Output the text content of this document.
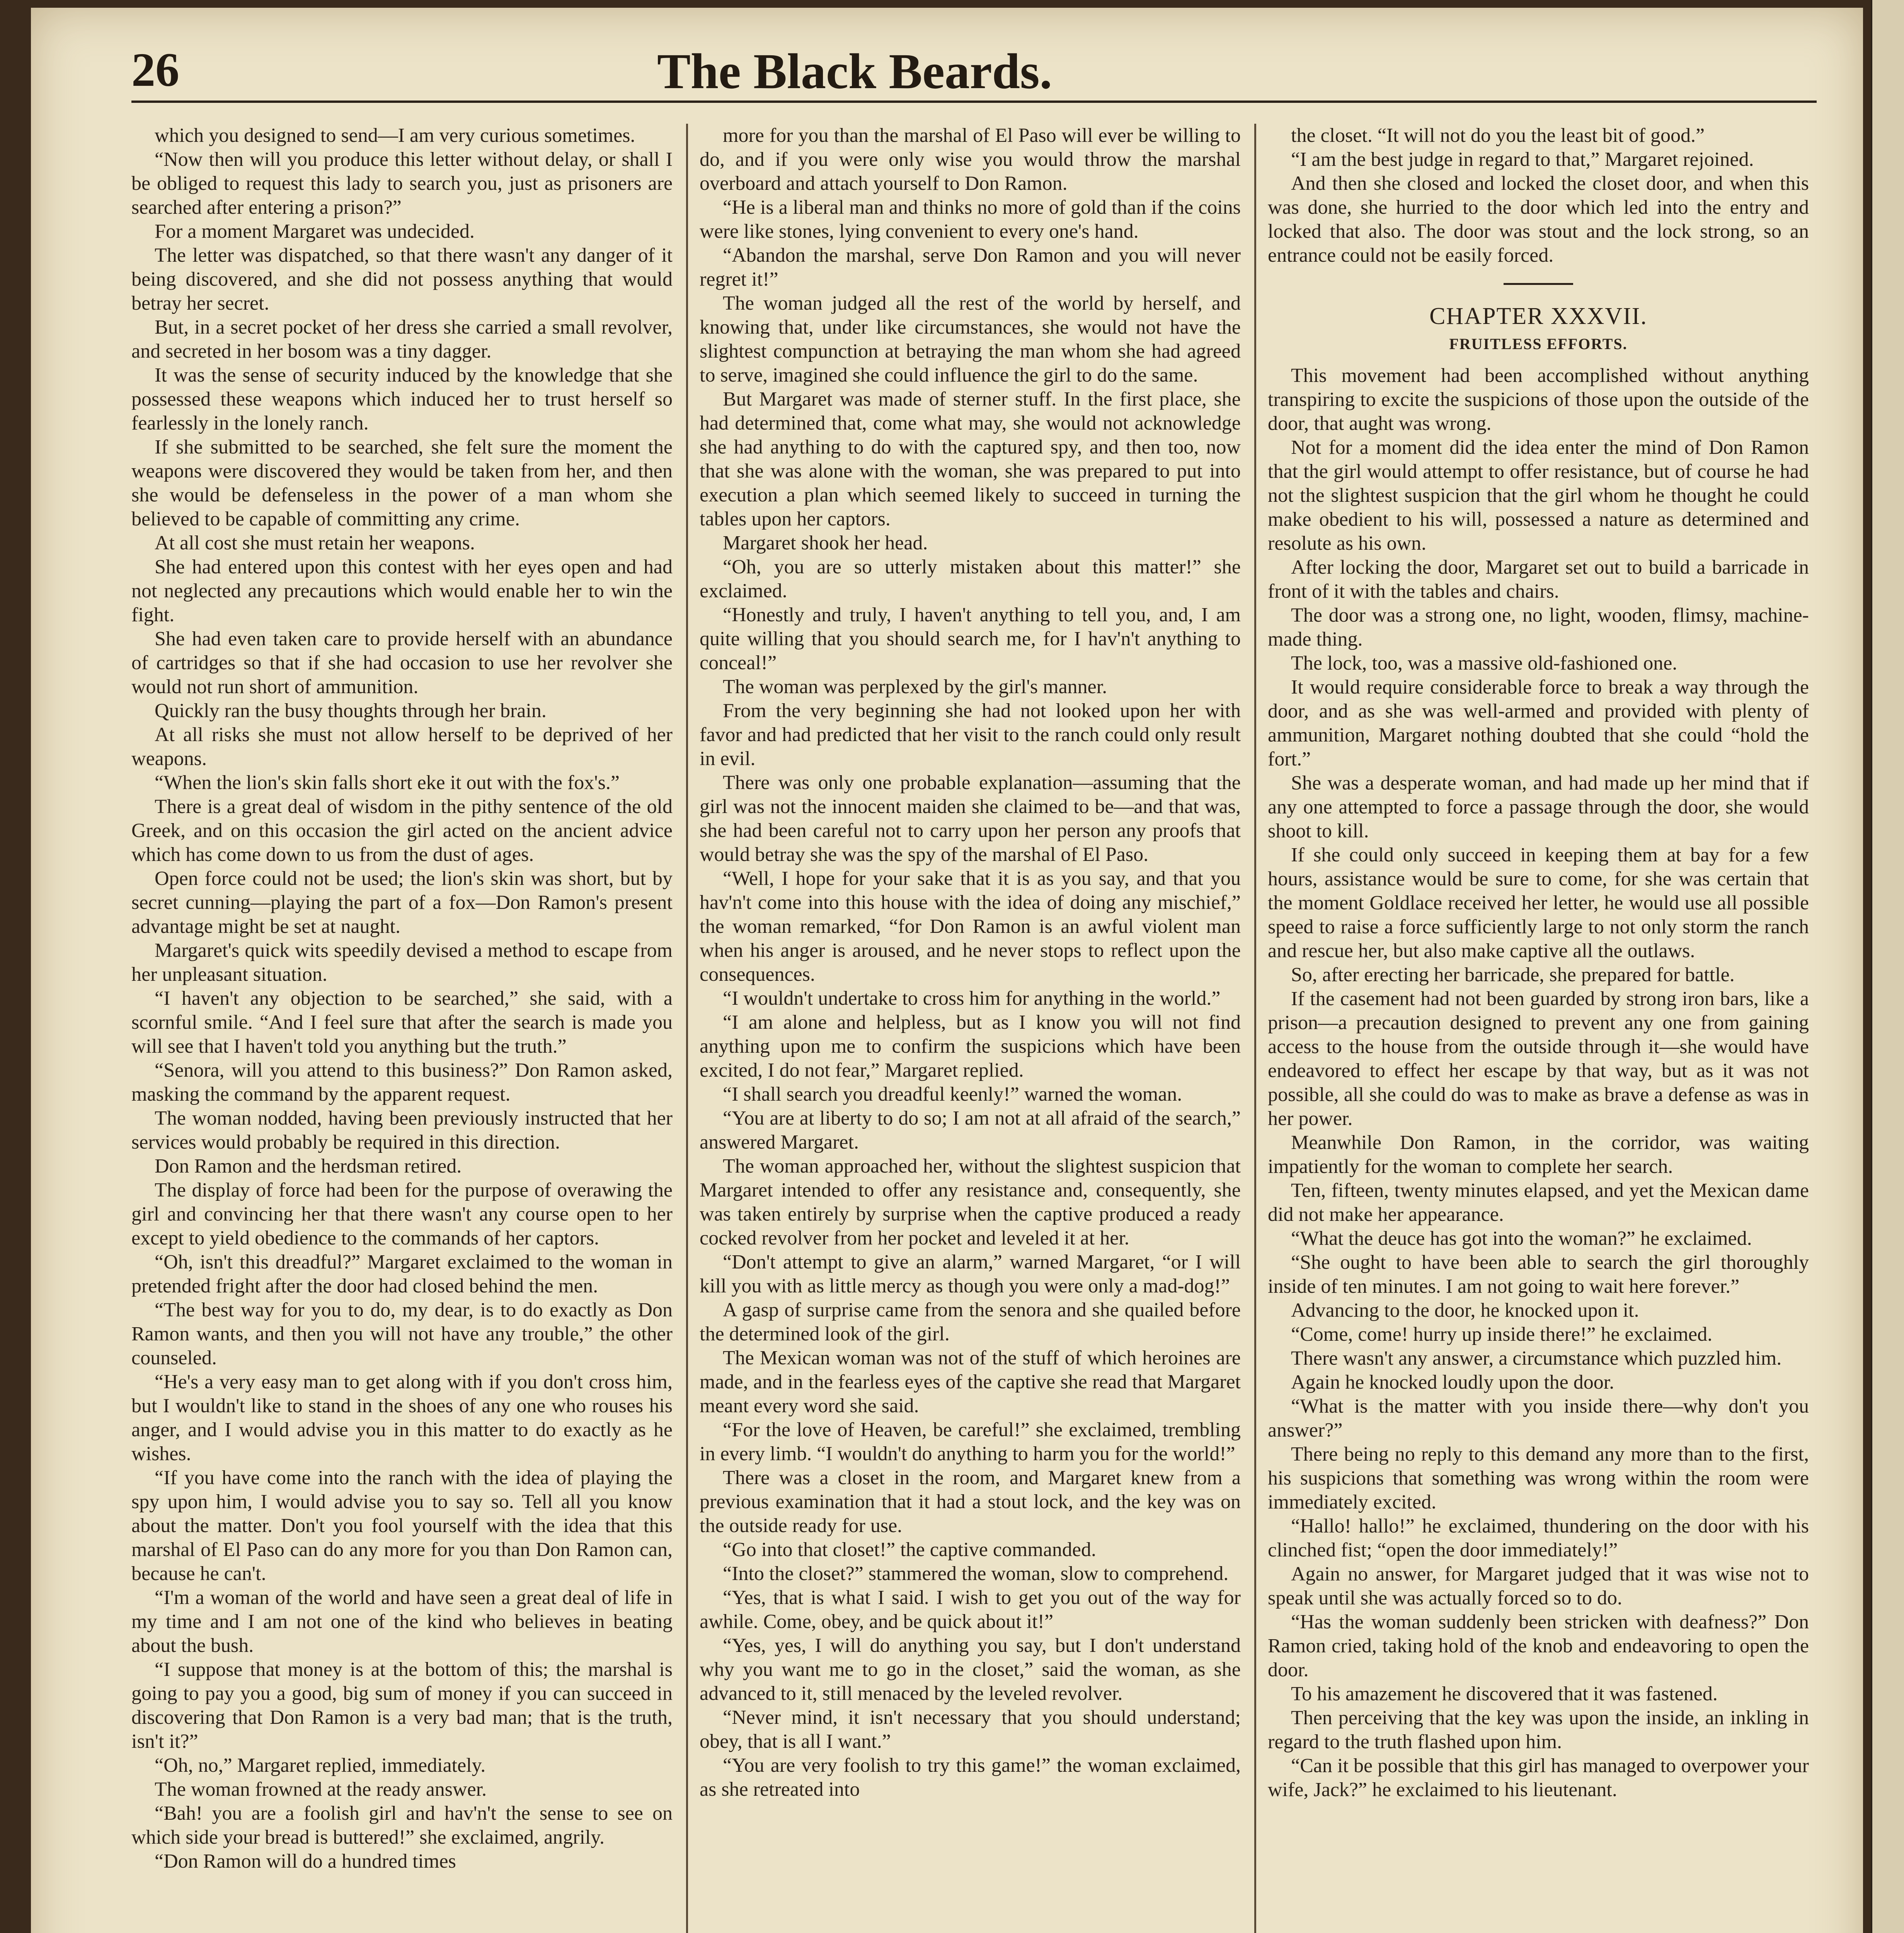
26	The Black Beards.

which you designed to send—I am very curious sometimes.

“Now then will you produce this letter without delay, or shall I be obliged to request this lady to search you, just as prisoners are searched after entering a prison?”

For a moment Margaret was undecided.

The letter was dispatched, so that there wasn't any danger of it being discovered, and she did not possess anything that would betray her secret.

But, in a secret pocket of her dress she carried a small revolver, and secreted in her bosom was a tiny dagger.

It was the sense of security induced by the knowledge that she possessed these weapons which induced her to trust herself so fearlessly in the lonely ranch.

If she submitted to be searched, she felt sure the moment the weapons were discovered they would be taken from her, and then she would be defenseless in the power of a man whom she believed to be capable of committing any crime.

At all cost she must retain her weapons.

She had entered upon this contest with her eyes open and had not neglected any precautions which would enable her to win the fight.

She had even taken care to provide herself with an abundance of cartridges so that if she had occasion to use her revolver she would not run short of ammunition.

Quickly ran the busy thoughts through her brain.

At all risks she must not allow herself to be deprived of her weapons.

“When the lion's skin falls short eke it out with the fox's.”

There is a great deal of wisdom in the pithy sentence of the old Greek, and on this occasion the girl acted on the ancient advice which has come down to us from the dust of ages.

Open force could not be used; the lion's skin was short, but by secret cunning—playing the part of a fox—Don Ramon's present advantage might be set at naught.

Margaret's quick wits speedily devised a method to escape from her unpleasant situation.

“I haven't any objection to be searched,” she said, with a scornful smile. “And I feel sure that after the search is made you will see that I haven't told you anything but the truth.”

“Senora, will you attend to this business?” Don Ramon asked, masking the command by the apparent request.

The woman nodded, having been previously instructed that her services would probably be required in this direction.

Don Ramon and the herdsman retired.

The display of force had been for the purpose of overawing the girl and convincing her that there wasn't any course open to her except to yield obedience to the commands of her captors.

“Oh, isn't this dreadful?” Margaret exclaimed to the woman in pretended fright after the door had closed behind the men.

“The best way for you to do, my dear, is to do exactly as Don Ramon wants, and then you will not have any trouble,” the other counseled.

“He's a very easy man to get along with if you don't cross him, but I wouldn't like to stand in the shoes of any one who rouses his anger, and I would advise you in this matter to do exactly as he wishes.

“If you have come into the ranch with the idea of playing the spy upon him, I would advise you to say so. Tell all you know about the matter. Don't you fool yourself with the idea that this marshal of El Paso can do any more for you than Don Ramon can, because he can't.

“I'm a woman of the world and have seen a great deal of life in my time and I am not one of the kind who believes in beating about the bush.

“I suppose that money is at the bottom of this; the marshal is going to pay you a good, big sum of money if you can succeed in discovering that Don Ramon is a very bad man; that is the truth, isn't it?”

“Oh, no,” Margaret replied, immediately.

The woman frowned at the ready answer.

“Bah! you are a foolish girl and hav'n't the sense to see on which side your bread is buttered!” she exclaimed, angrily.

“Don Ramon will do a hundred times

more for you than the marshal of El Paso will ever be willing to do, and if you were only wise you would throw the marshal overboard and attach yourself to Don Ramon.

“He is a liberal man and thinks no more of gold than if the coins were like stones, lying convenient to every one's hand.

“Abandon the marshal, serve Don Ramon and you will never regret it!”

The woman judged all the rest of the world by herself, and knowing that, under like circumstances, she would not have the slightest compunction at betraying the man whom she had agreed to serve, imagined she could influence the girl to do the same.

But Margaret was made of sterner stuff. In the first place, she had determined that, come what may, she would not acknowledge she had anything to do with the captured spy, and then too, now that she was alone with the woman, she was prepared to put into execution a plan which seemed likely to succeed in turning the tables upon her captors.

Margaret shook her head.

“Oh, you are so utterly mistaken about this matter!” she exclaimed.

“Honestly and truly, I haven't anything to tell you, and, I am quite willing that you should search me, for I hav'n't anything to conceal!”

The woman was perplexed by the girl's manner.

From the very beginning she had not looked upon her with favor and had predicted that her visit to the ranch could only result in evil.

There was only one probable explanation—assuming that the girl was not the innocent maiden she claimed to be—and that was, she had been careful not to carry upon her person any proofs that would betray she was the spy of the marshal of El Paso.

“Well, I hope for your sake that it is as you say, and that you hav'n't come into this house with the idea of doing any mischief,” the woman remarked, “for Don Ramon is an awful violent man when his anger is aroused, and he never stops to reflect upon the consequences.

“I wouldn't undertake to cross him for anything in the world.”

“I am alone and helpless, but as I know you will not find anything upon me to confirm the suspicions which have been excited, I do not fear,” Margaret replied.

“I shall search you dreadful keenly!” warned the woman.

“You are at liberty to do so; I am not at all afraid of the search,” answered Margaret.

The woman approached her, without the slightest suspicion that Margaret intended to offer any resistance and, consequently, she was taken entirely by surprise when the captive produced a ready cocked revolver from her pocket and leveled it at her.

“Don't attempt to give an alarm,” warned Margaret, “or I will kill you with as little mercy as though you were only a mad-dog!”

A gasp of surprise came from the senora and she quailed before the determined look of the girl.

The Mexican woman was not of the stuff of which heroines are made, and in the fearless eyes of the captive she read that Margaret meant every word she said.

“For the love of Heaven, be careful!” she exclaimed, trembling in every limb. “I wouldn't do anything to harm you for the world!”

There was a closet in the room, and Margaret knew from a previous examination that it had a stout lock, and the key was on the outside ready for use.

“Go into that closet!” the captive commanded.

“Into the closet?” stammered the woman, slow to comprehend.

“Yes, that is what I said. I wish to get you out of the way for awhile. Come, obey, and be quick about it!”

“Yes, yes, I will do anything you say, but I don't understand why you want me to go in the closet,” said the woman, as she advanced to it, still menaced by the leveled revolver.

“Never mind, it isn't necessary that you should understand; obey, that is all I want.”

“You are very foolish to try this game!” the woman exclaimed, as she retreated into

the closet. “It will not do you the least bit of good.”

“I am the best judge in regard to that,” Margaret rejoined.

And then she closed and locked the closet door, and when this was done, she hurried to the door which led into the entry and locked that also. The door was stout and the lock strong, so an entrance could not be easily forced.

CHAPTER XXXVII.
FRUITLESS EFFORTS.

This movement had been accomplished without anything transpiring to excite the suspicions of those upon the outside of the door, that aught was wrong.

Not for a moment did the idea enter the mind of Don Ramon that the girl would attempt to offer resistance, but of course he had not the slightest suspicion that the girl whom he thought he could make obedient to his will, possessed a nature as determined and resolute as his own.

After locking the door, Margaret set out to build a barricade in front of it with the tables and chairs.

The door was a strong one, no light, wooden, flimsy, machine-made thing.

The lock, too, was a massive old-fashioned one.

It would require considerable force to break a way through the door, and as she was well-armed and provided with plenty of ammunition, Margaret nothing doubted that she could “hold the fort.”

She was a desperate woman, and had made up her mind that if any one attempted to force a passage through the door, she would shoot to kill.

If she could only succeed in keeping them at bay for a few hours, assistance would be sure to come, for she was certain that the moment Goldlace received her letter, he would use all possible speed to raise a force sufficiently large to not only storm the ranch and rescue her, but also make captive all the outlaws.

So, after erecting her barricade, she prepared for battle.

If the casement had not been guarded by strong iron bars, like a prison—a precaution designed to prevent any one from gaining access to the house from the outside through it—she would have endeavored to effect her escape by that way, but as it was not possible, all she could do was to make as brave a defense as was in her power.

Meanwhile Don Ramon, in the corridor, was waiting impatiently for the woman to complete her search.

Ten, fifteen, twenty minutes elapsed, and yet the Mexican dame did not make her appearance.

“What the deuce has got into the woman?” he exclaimed.

“She ought to have been able to search the girl thoroughly inside of ten minutes. I am not going to wait here forever.”

Advancing to the door, he knocked upon it.

“Come, come! hurry up inside there!” he exclaimed.

There wasn't any answer, a circumstance which puzzled him.

Again he knocked loudly upon the door.

“What is the matter with you inside there—why don't you answer?”

There being no reply to this demand any more than to the first, his suspicions that something was wrong within the room were immediately excited.

“Hallo! hallo!” he exclaimed, thundering on the door with his clinched fist; “open the door immediately!”

Again no answer, for Margaret judged that it was wise not to speak until she was actually forced so to do.

“Has the woman suddenly been stricken with deafness?” Don Ramon cried, taking hold of the knob and endeavoring to open the door.

To his amazement he discovered that it was fastened.

Then perceiving that the key was upon the inside, an inkling in regard to the truth flashed upon him.

“Can it be possible that this girl has managed to overpower your wife, Jack?” he exclaimed to his lieutenant.
